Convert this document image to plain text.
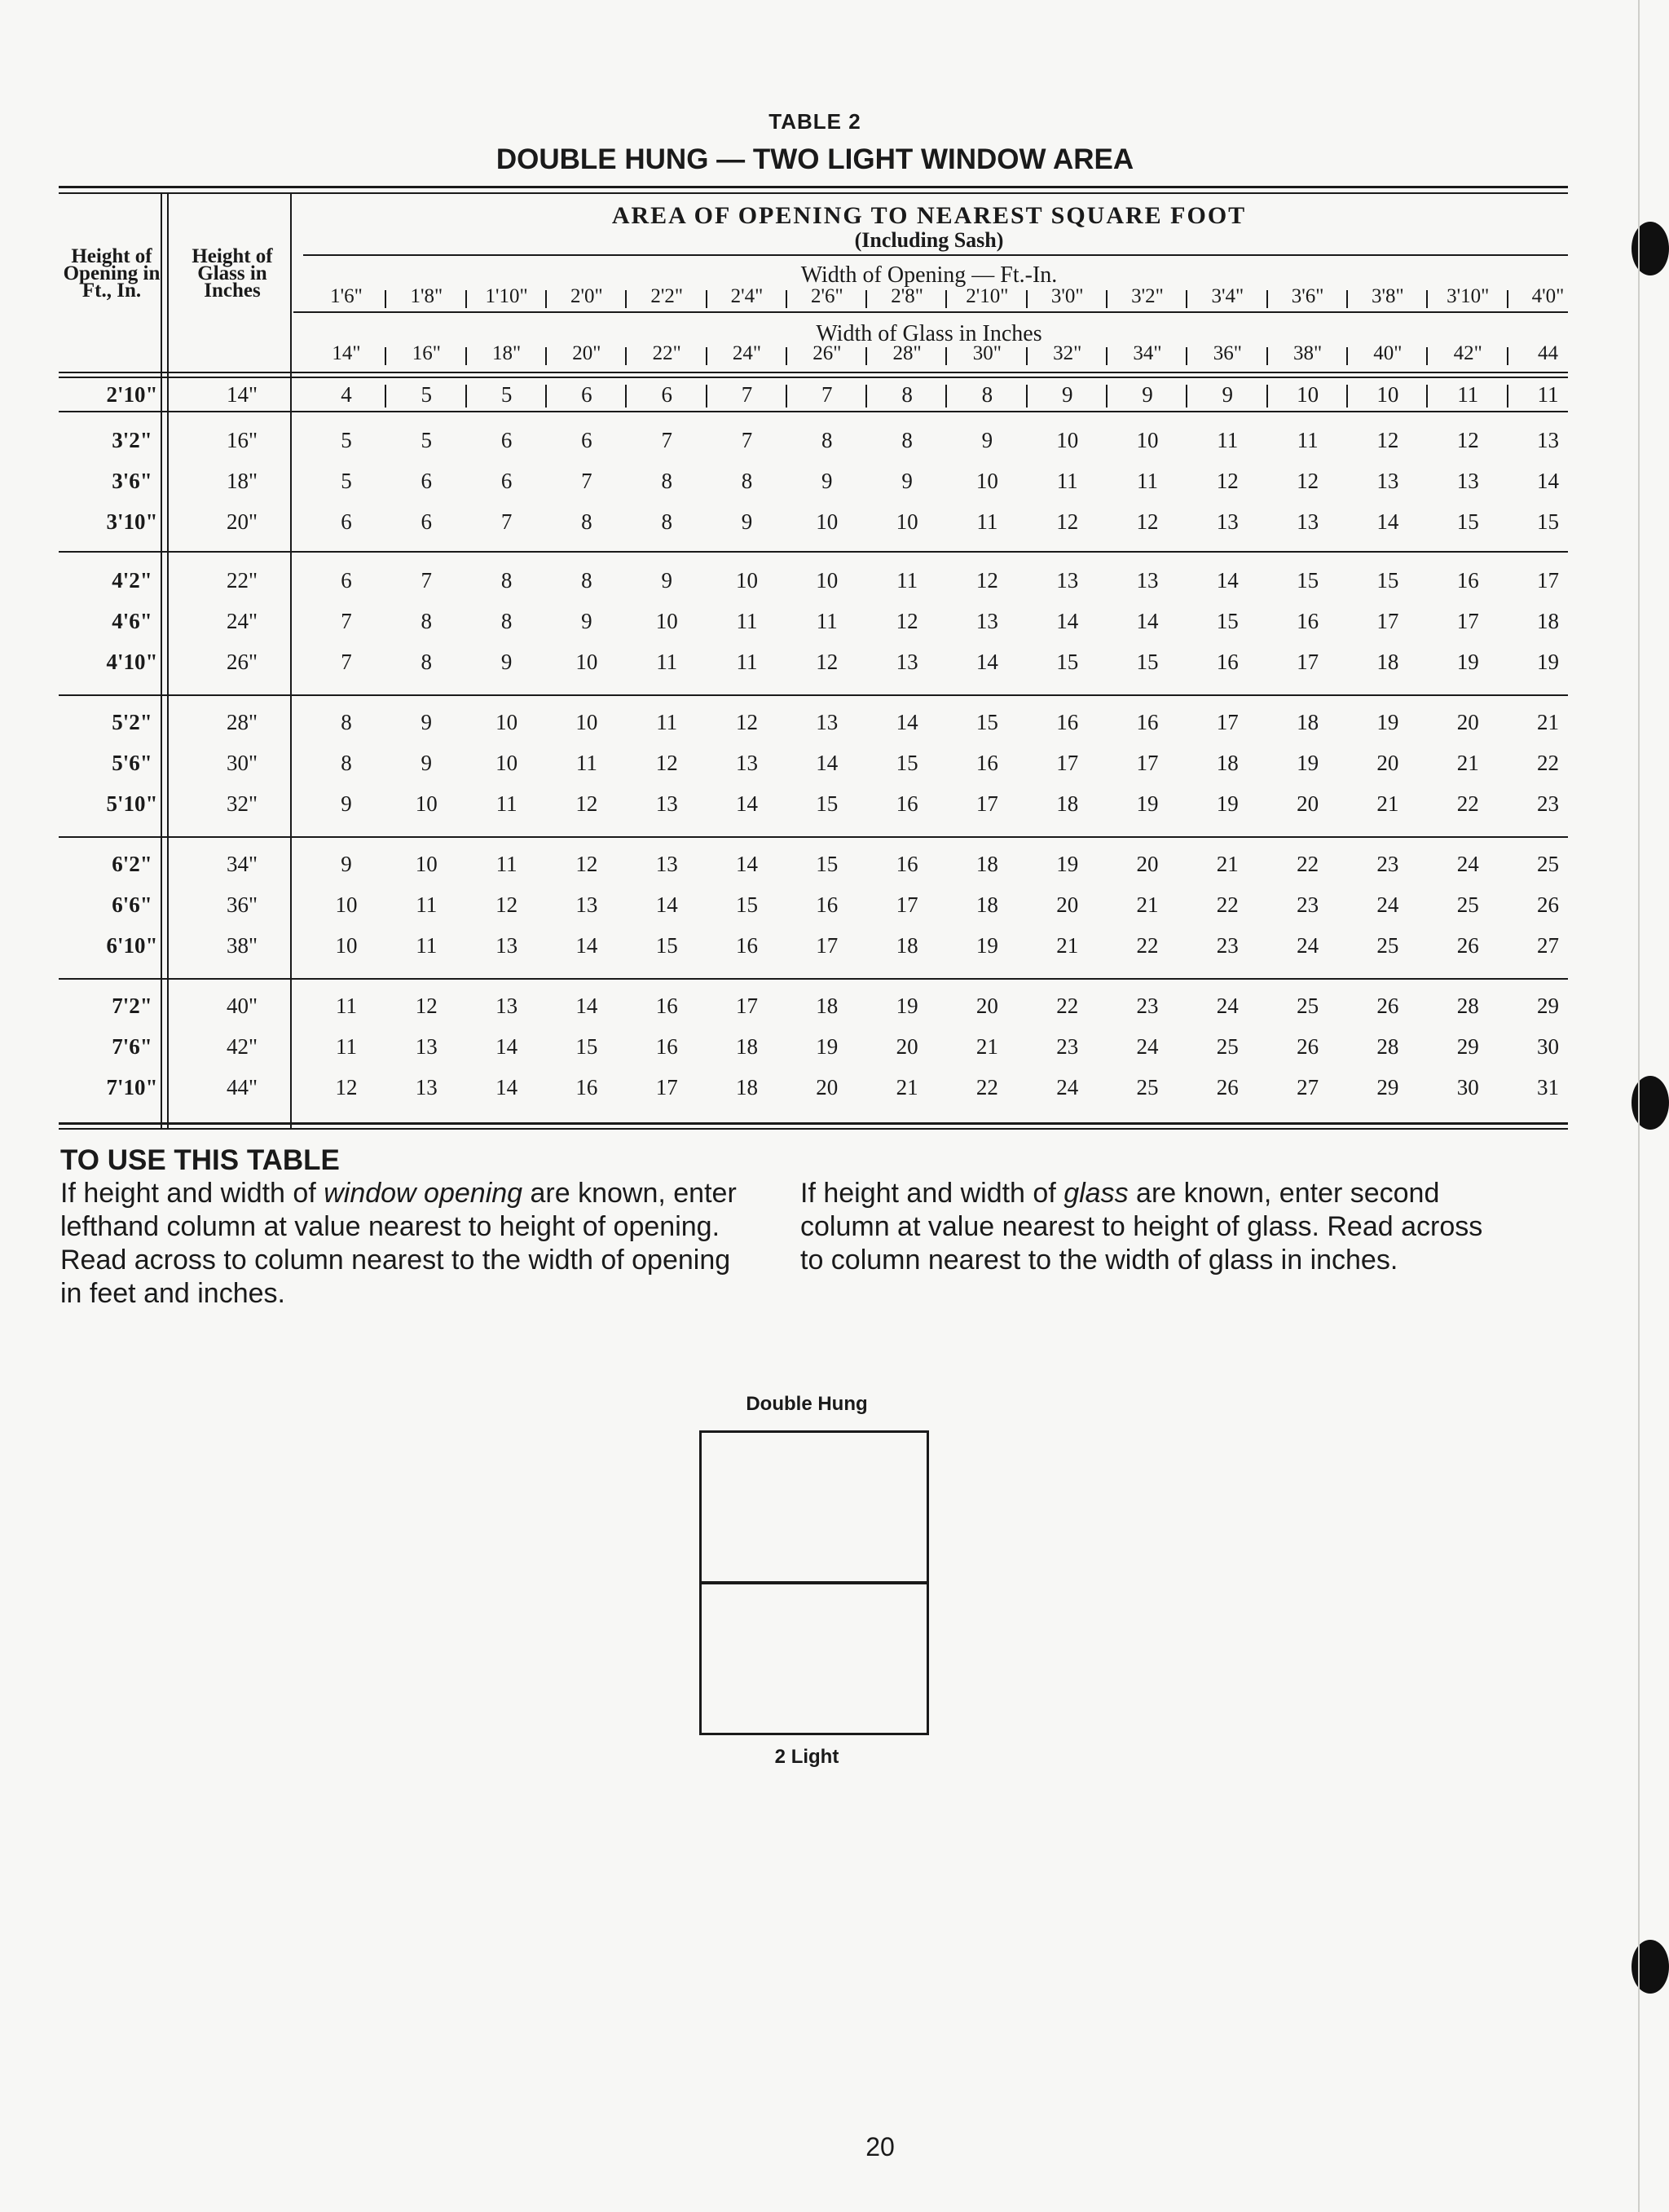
TABLE 2
DOUBLE HUNG — TWO LIGHT WINDOW AREA
AREA OF OPENING TO NEAREST SQUARE FOOT
(Including Sash)
Height of Opening in Ft., In.
Height of Glass in Inches
Width of Opening — Ft.-In.
1'6"	1'8"	1'10"	2'0"	2'2"	2'4"	2'6"	2'8"	2'10"	3'0"	3'2"	3'4"	3'6"	3'8"	3'10"	4'0"
Width of Glass in Inches
14"	16"	18"	20"	22"	24"	26"	28"	30"	32"	34"	36"	38"	40"	42"	44
2'10"	14"	4	5	5	6	6	7	7	8	8	9	9	9	10	10	11	11
3'2"	16"	5	5	6	6	7	7	8	8	9	10	10	11	11	12	12	13
3'6"	18"	5	6	6	7	8	8	9	9	10	11	11	12	12	13	13	14
3'10"	20"	6	6	7	8	8	9	10	10	11	12	12	13	13	14	15	15
4'2"	22"	6	7	8	8	9	10	10	11	12	13	13	14	15	15	16	17
4'6"	24"	7	8	8	9	10	11	11	12	13	14	14	15	16	17	17	18
4'10"	26"	7	8	9	10	11	11	12	13	14	15	15	16	17	18	19	19
5'2"	28"	8	9	10	10	11	12	13	14	15	16	16	17	18	19	20	21
5'6"	30"	8	9	10	11	12	13	14	15	16	17	17	18	19	20	21	22
5'10"	32"	9	10	11	12	13	14	15	16	17	18	19	19	20	21	22	23
6'2"	34"	9	10	11	12	13	14	15	16	18	19	20	21	22	23	24	25
6'6"	36"	10	11	12	13	14	15	16	17	18	20	21	22	23	24	25	26
6'10"	38"	10	11	13	14	15	16	17	18	19	21	22	23	24	25	26	27
7'2"	40"	11	12	13	14	16	17	18	19	20	22	23	24	25	26	28	29
7'6"	42"	11	13	14	15	16	18	19	20	21	23	24	25	26	28	29	30
7'10"	44"	12	13	14	16	17	18	20	21	22	24	25	26	27	29	30	31
TO USE THIS TABLE
If height and width of window opening are known, enter lefthand column at value nearest to height of opening. Read across to column nearest to the width of opening in feet and inches.
If height and width of glass are known, enter second column at value nearest to height of glass. Read across to column nearest to the width of glass in inches.
Double Hung
2 Light
20
